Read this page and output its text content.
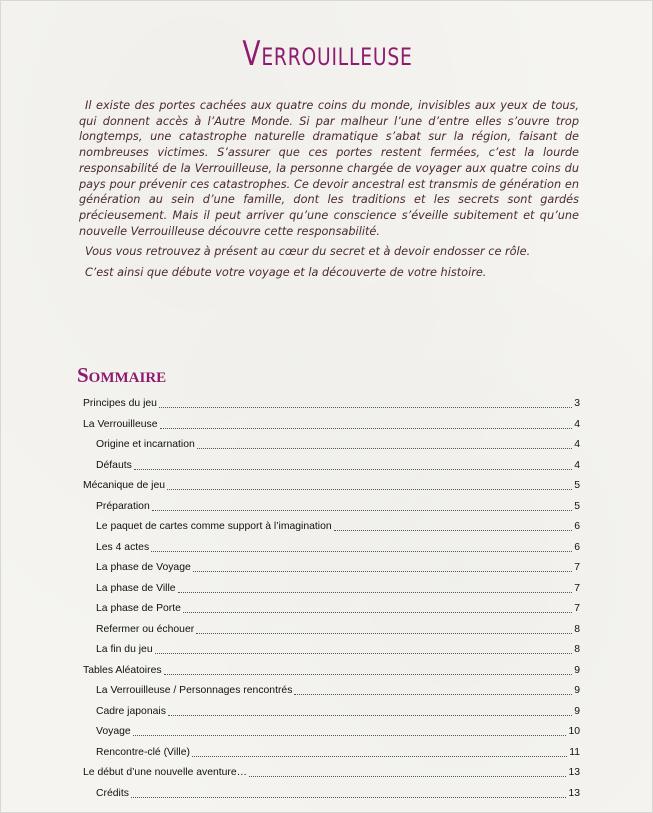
Verrouilleuse

Il existe des portes cachées aux quatre coins du monde, invisibles aux yeux de tous, qui donnent accès à l’Autre Monde. Si par malheur l’une d’entre elles s’ouvre trop longtemps, une catastrophe naturelle dramatique s’abat sur la région, faisant de nombreuses victimes. S’assurer que ces portes restent fermées, c’est la lourde responsabilité de la Verrouilleuse, la personne chargée de voyager aux quatre coins du pays pour prévenir ces catastrophes. Ce devoir ancestral est transmis de génération en génération au sein d’une famille, dont les traditions et les secrets sont gardés précieusement. Mais il peut arriver qu’une conscience s’éveille subitement et qu’une nouvelle Verrouilleuse découvre cette responsabilité.

Vous vous retrouvez à présent au cœur du secret et à devoir endosser ce rôle.

C’est ainsi que débute votre voyage et la découverte de votre histoire.

Sommaire
Principes du jeu	3
La Verrouilleuse	4
Origine et incarnation	4
Défauts	4
Mécanique de jeu	5
Préparation	5
Le paquet de cartes comme support à l’imagination	6
Les 4 actes	6
La phase de Voyage	7
La phase de Ville	7
La phase de Porte	7
Refermer ou échouer	8
La fin du jeu	8
Tables Aléatoires	9
La Verrouilleuse / Personnages rencontrés	9
Cadre japonais	9
Voyage	10
Rencontre-clé (Ville)	11
Le début d’une nouvelle aventure…	13
Crédits	13
